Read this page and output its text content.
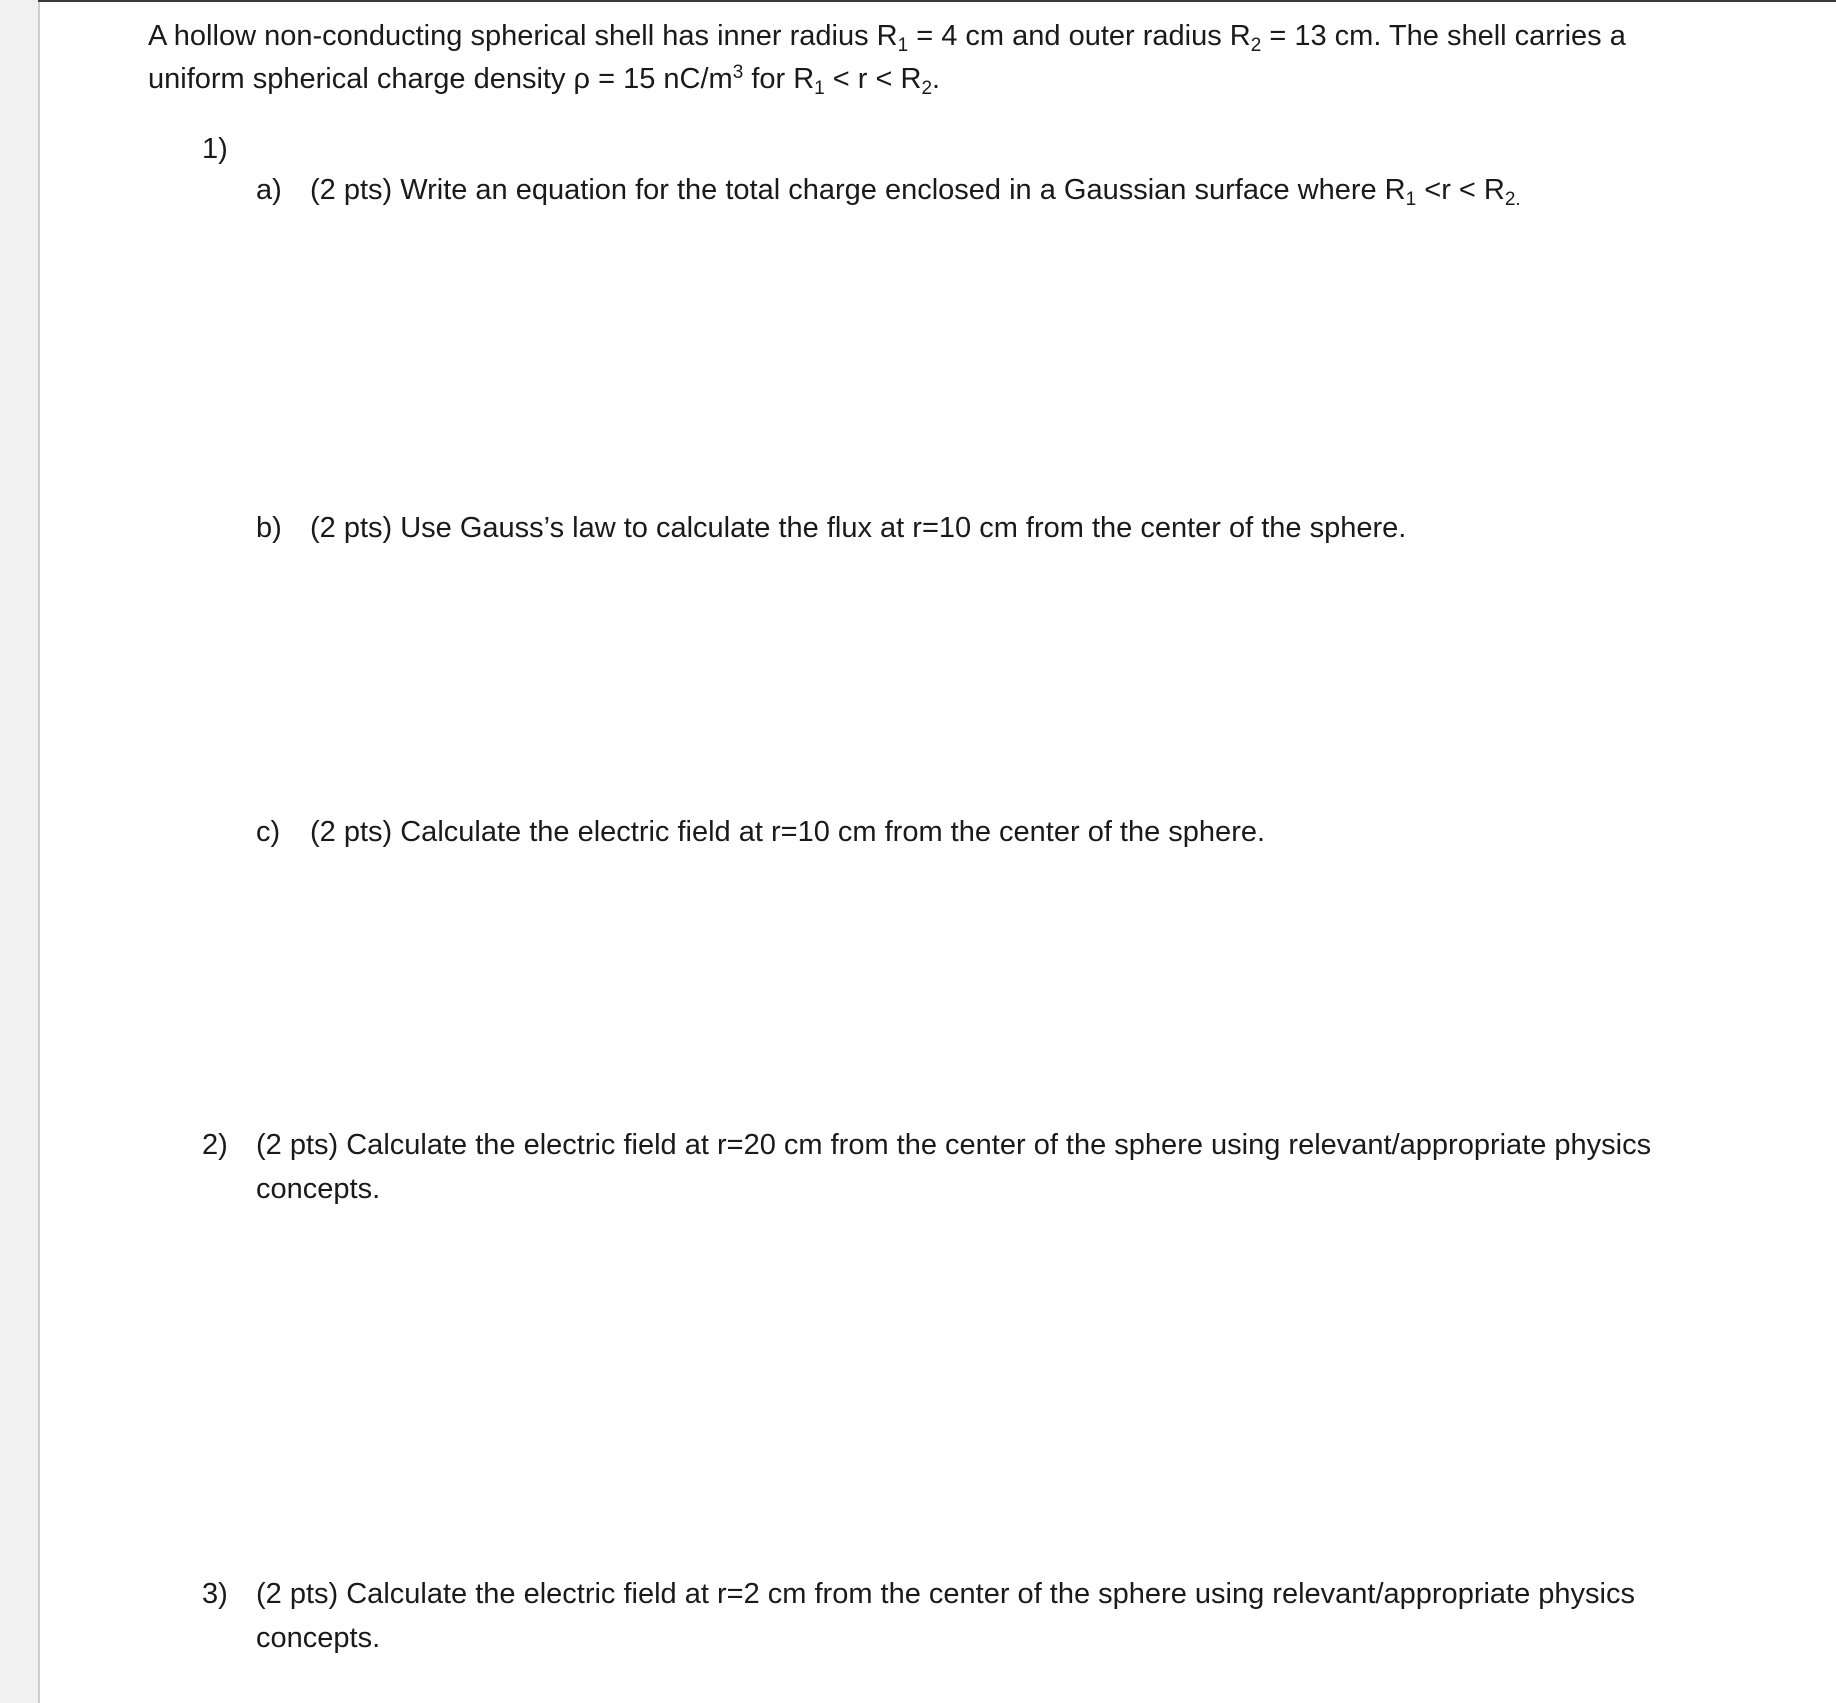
A hollow non-conducting spherical shell has inner radius $R_1 = 4$ cm and outer radius $R_2 = 13$ cm. The shell carries a
uniform spherical charge density ρ = 15 $nC/m^3$ for $R_1 < r < R_2$.
1)
a) (2 pts) Write an equation for the total charge enclosed in a Gaussian surface where $R_1 <r < R_{2.}$
b) (2 pts) Use Gauss’s law to calculate the flux at r=10 cm from the center of the sphere.
c) (2 pts) Calculate the electric field at r=10 cm from the center of the sphere.
2) (2 pts) Calculate the electric field at r=20 cm from the center of the sphere using relevant/appropriate physics
concepts.
3) (2 pts) Calculate the electric field at r=2 cm from the center of the sphere using relevant/appropriate physics
concepts.
